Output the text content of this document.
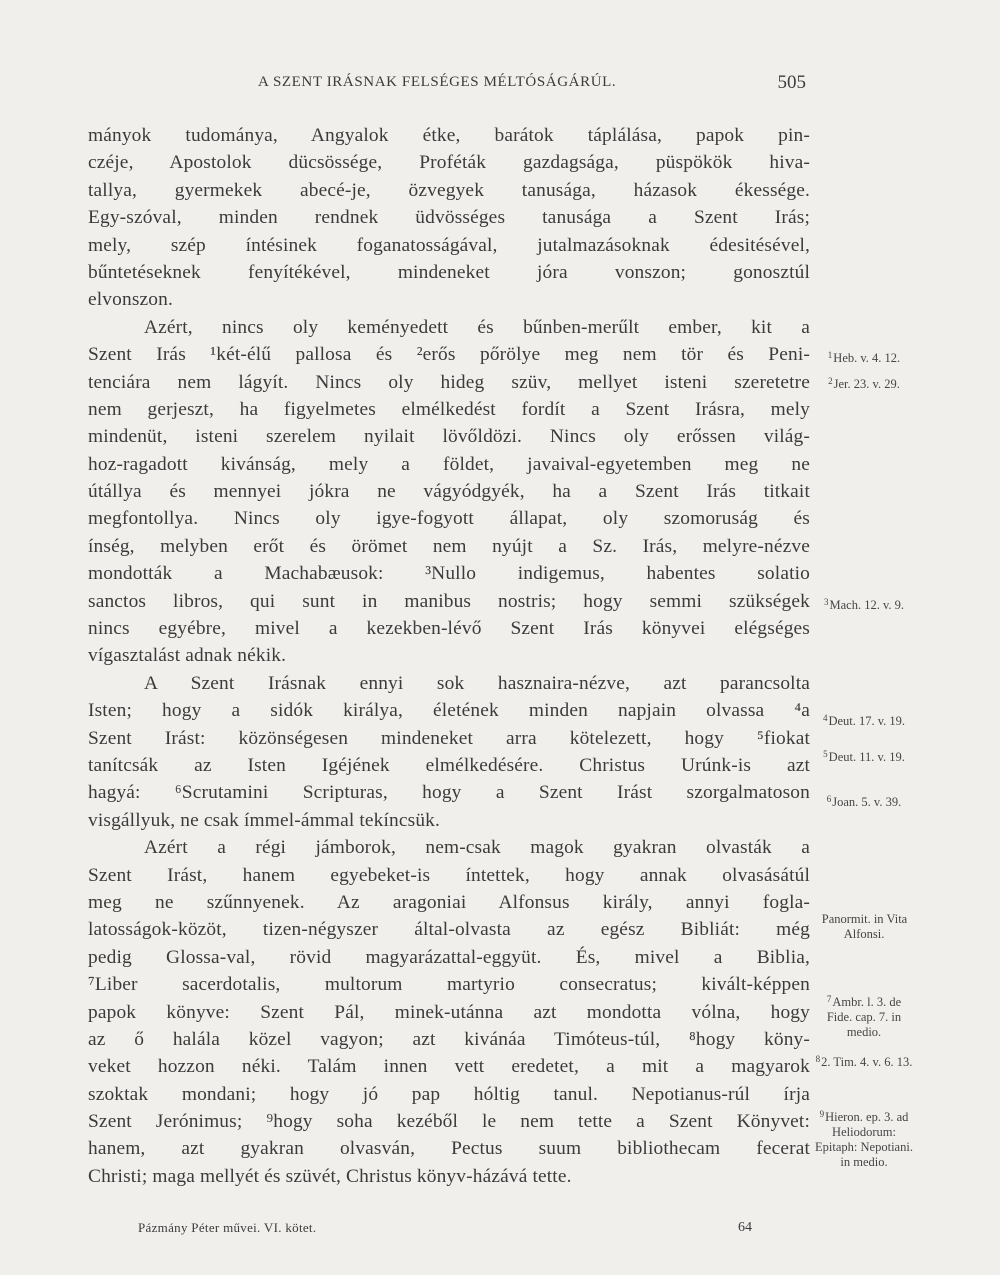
A SZENT IRÁSNAK FELSÉGES MÉLTÓSÁGÁRÚL.	505
mányok tudománya, Angyalok étke, barátok táplálása, papok pin-
czéje, Apostolok dücsössége, Proféták gazdagsága, püspökök hiva-
tallya, gyermekek abecé-je, özvegyek tanusága, házasok ékessége.
Egy-szóval, minden rendnek üdvösséges tanusága a Szent Irás;
mely, szép íntésinek foganatosságával, jutalmazásoknak édesitésével,
bűntetéseknek fenyítékével, mindeneket jóra vonszon; gonosztúl
elvonszon.
Azért, nincs oly keményedett és bűnben-merűlt ember, kit a
Szent Irás ¹két-élű pallosa és ²erős pőrölye meg nem tör és Peni-
tenciára nem lágyít. Nincs oly hideg szüv, mellyet isteni szeretetre
nem gerjeszt, ha figyelmetes elmélkedést fordít a Szent Irásra, mely
mindenüt, isteni szerelem nyilait lövőldözi. Nincs oly erőssen világ-
hoz-ragadott kivánság, mely a földet, javaival-egyetemben meg ne
útállya és mennyei jókra ne vágyódgyék, ha a Szent Irás titkait
megfontollya. Nincs oly igye-fogyott állapat, oly szomoruság és
ínség, melyben erőt és örömet nem nyújt a Sz. Irás, melyre-nézve
mondották a Machabæusok: ³Nullo indigemus, habentes solatio
sanctos libros, qui sunt in manibus nostris; hogy semmi szükségek
nincs egyébre, mivel a kezekben-lévő Szent Irás könyvei elégséges
vígasztalást adnak nékik.
A Szent Irásnak ennyi sok hasznaira-nézve, azt parancsolta
Isten; hogy a sidók királya, életének minden napjain olvassa ⁴a
Szent Irást: közönségesen mindeneket arra kötelezett, hogy ⁵fiokat
tanítcsák az Isten Igéjének elmélkedésére. Christus Urúnk-is azt
hagyá: ⁶Scrutamini Scripturas, hogy a Szent Irást szorgalmatoson
visgállyuk, ne csak ímmel-ámmal tekíncsük.
Azért a régi jámborok, nem-csak magok gyakran olvasták a
Szent Irást, hanem egyebeket-is íntettek, hogy annak olvasásátúl
meg ne szűnnyenek. Az aragoniai Alfonsus király, annyi fogla-
latosságok-közöt, tizen-négyszer által-olvasta az egész Bibliát: még
pedig Glossa-val, rövid magyarázattal-eggyüt. És, mivel a Biblia,
⁷Liber sacerdotalis, multorum martyrio consecratus; kivált-képpen
papok könyve: Szent Pál, minek-utánna azt mondotta vólna, hogy
az ő halála közel vagyon; azt kivánáa Timóteus-túl, ⁸hogy köny-
veket hozzon néki. Talám innen vett eredetet, a mit a magyarok
szoktak mondani; hogy jó pap hóltig tanul. Nepotianus-rúl írja
Szent Jerónimus; ⁹hogy soha kezéből le nem tette a Szent Könyvet:
hanem, azt gyakran olvasván, Pectus suum bibliothecam fecerat
Christi; maga mellyét és szüvét, Christus könyv-házává tette.
$^1$Heb. v. 4. 12.
$^2$Jer. 23. v. 29.
$^3$Mach. 12. v. 9.
$^4$Deut. 17. v. 19.
$^5$Deut. 11. v. 19.
$^6$Joan. 5. v. 39.
Panormit. in Vita Alfonsi.
$^7$Ambr. l. 3. de Fide. cap. 7. in medio.
$^8$2. Tim. 4. v. 6. 13.
$^9$Hieron. ep. 3. ad Heliodorum: Epitaph: Nepotiani. in medio.
Pázmány Péter művei. VI. kötet.	64
